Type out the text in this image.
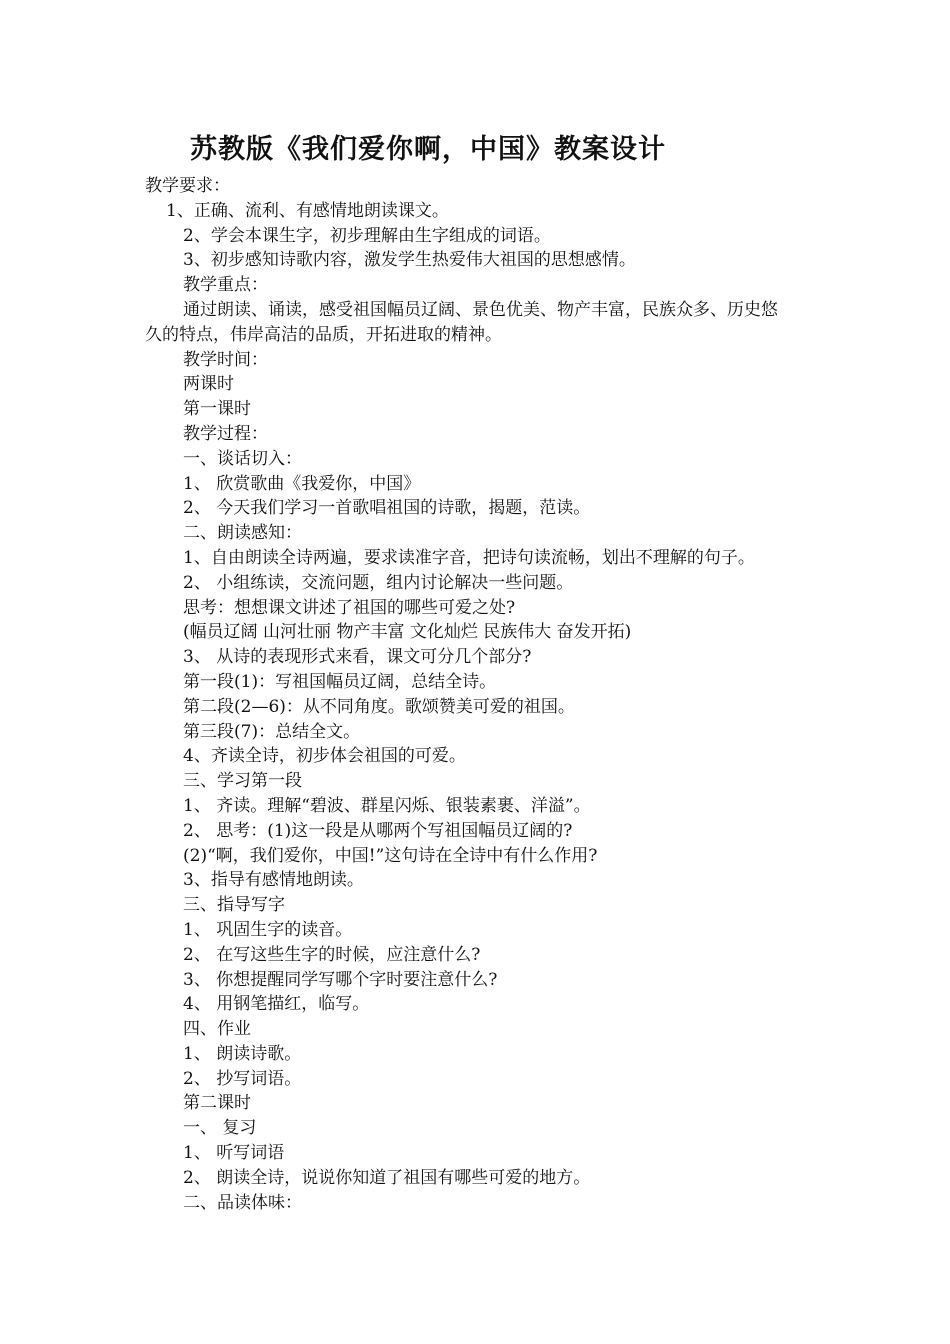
苏教版《我们爱你啊，中国》教案设计
教学要求：
1、正确、流利、有感情地朗读课文。
2、学会本课生字，初步理解由生字组成的词语。
3、初步感知诗歌内容，激发学生热爱伟大祖国的思想感情。
教学重点：
通过朗读、诵读，感受祖国幅员辽阔、景色优美、物产丰富，民族众多、历史悠
久的特点，伟岸高洁的品质，开拓进取的精神。
教学时间：
两课时
第一课时
教学过程：
一、谈话切入：
1、 欣赏歌曲《我爱你，中国》
2、 今天我们学习一首歌唱祖国的诗歌，揭题，范读。
二、朗读感知：
1、自由朗读全诗两遍，要求读准字音，把诗句读流畅，划出不理解的句子。
2、 小组练读，交流问题，组内讨论解决一些问题。
思考：想想课文讲述了祖国的哪些可爱之处?
(幅员辽阔 山河壮丽 物产丰富 文化灿烂 民族伟大 奋发开拓)
3、 从诗的表现形式来看，课文可分几个部分?
第一段(1)：写祖国幅员辽阔，总结全诗。
第二段(2—6)：从不同角度。歌颂赞美可爱的祖国。
第三段(7)：总结全文。
4、齐读全诗，初步体会祖国的可爱。
三、学习第一段
1、 齐读。理解“碧波、群星闪烁、银装素裹、洋溢”。
2、 思考：(1)这一段是从哪两个写祖国幅员辽阔的?
(2)“啊，我们爱你，中国!”这句诗在全诗中有什么作用?
3、指导有感情地朗读。
三、指导写字
1、 巩固生字的读音。
2、 在写这些生字的时候，应注意什么?
3、 你想提醒同学写哪个字时要注意什么?
4、 用钢笔描红，临写。
四、作业
1、 朗读诗歌。
2、 抄写词语。
第二课时
一、 复习
1、 听写词语
2、 朗读全诗，说说你知道了祖国有哪些可爱的地方。
二、品读体味：
